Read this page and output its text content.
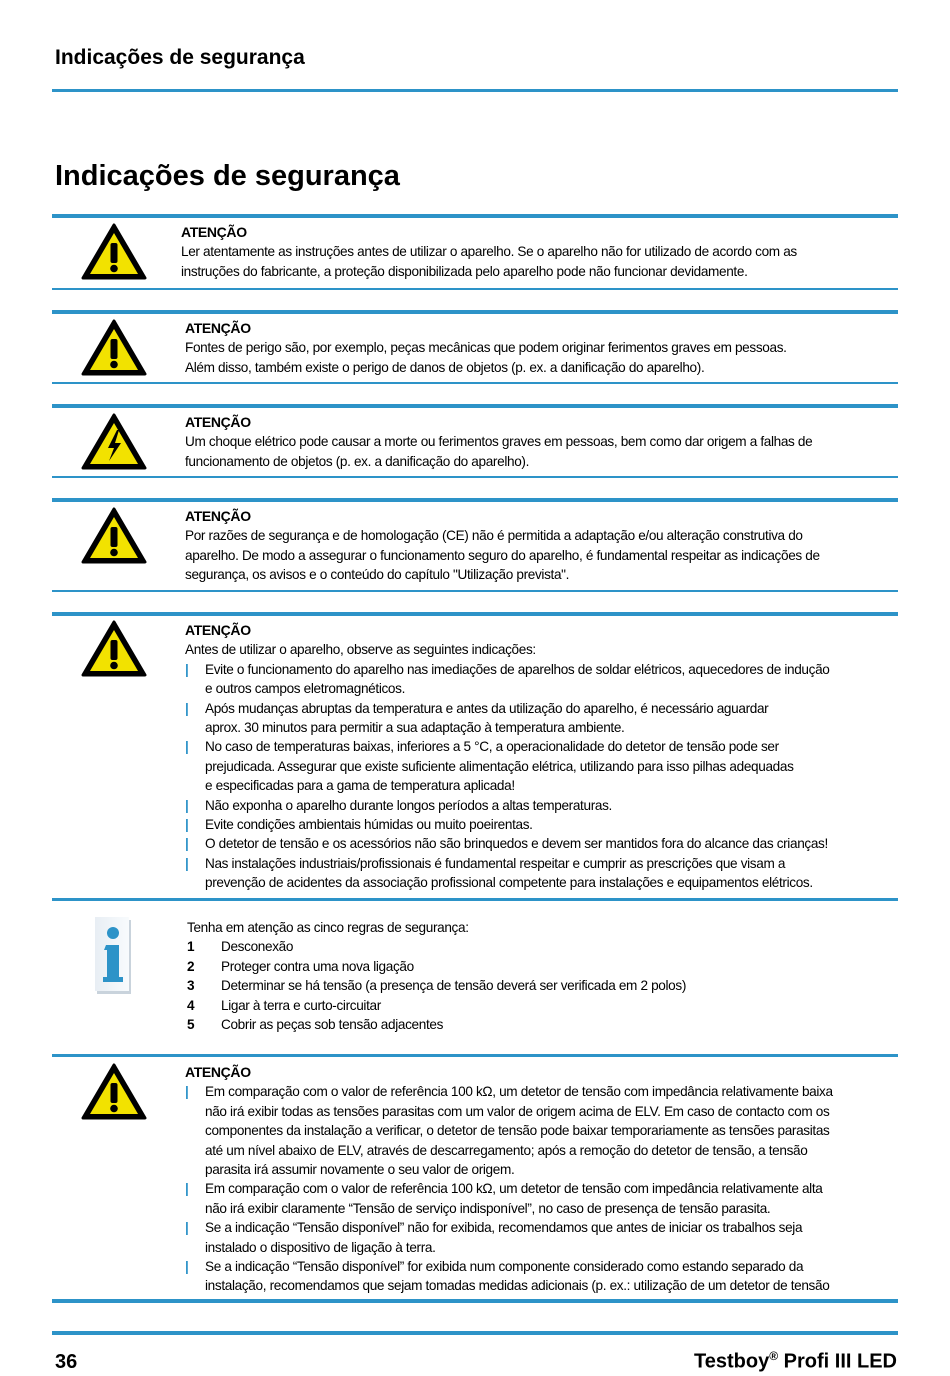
Indicações de segurança
Indicações de segurança
ATENÇÃO
Ler atentamente as instruções antes de utilizar o aparelho. Se o aparelho não for utilizado de acordo com as
instruções do fabricante, a proteção disponibilizada pelo aparelho pode não funcionar devidamente.
ATENÇÃO
Fontes de perigo são, por exemplo, peças mecânicas que podem originar ferimentos graves em pessoas.
Além disso, também existe o perigo de danos de objetos (p. ex. a danificação do aparelho).
ATENÇÃO
Um choque elétrico pode causar a morte ou ferimentos graves em pessoas, bem como dar origem a falhas de
funcionamento de objetos (p. ex. a danificação do aparelho).
ATENÇÃO
Por razões de segurança e de homologação (CE) não é permitida a adaptação e/ou alteração construtiva do
aparelho. De modo a assegurar o funcionamento seguro do aparelho, é fundamental respeitar as indicações de
segurança, os avisos e o conteúdo do capítulo "Utilização prevista".
ATENÇÃO
Antes de utilizar o aparelho, observe as seguintes indicações:
| Evite o funcionamento do aparelho nas imediações de aparelhos de soldar elétricos, aquecedores de indução
e outros campos eletromagnéticos.
| Após mudanças abruptas da temperatura e antes da utilização do aparelho, é necessário aguardar
aprox. 30 minutos para permitir a sua adaptação à temperatura ambiente.
| No caso de temperaturas baixas, inferiores a 5 °C, a operacionalidade do detetor de tensão pode ser
prejudicada. Assegurar que existe suficiente alimentação elétrica, utilizando para isso pilhas adequadas
e especificadas para a gama de temperatura aplicada!
| Não exponha o aparelho durante longos períodos a altas temperaturas.
| Evite condições ambientais húmidas ou muito poeirentas.
| O detetor de tensão e os acessórios não são brinquedos e devem ser mantidos fora do alcance das crianças!
| Nas instalações industriais/profissionais é fundamental respeitar e cumprir as prescrições que visam a
prevenção de acidentes da associação profissional competente para instalações e equipamentos elétricos.
Tenha em atenção as cinco regras de segurança:
1 Desconexão
2 Proteger contra uma nova ligação
3 Determinar se há tensão (a presença de tensão deverá ser verificada em 2 polos)
4 Ligar à terra e curto-circuitar
5 Cobrir as peças sob tensão adjacentes
ATENÇÃO
| Em comparação com o valor de referência 100 kΩ, um detetor de tensão com impedância relativamente baixa
não irá exibir todas as tensões parasitas com um valor de origem acima de ELV. Em caso de contacto com os
componentes da instalação a verificar, o detetor de tensão pode baixar temporariamente as tensões parasitas
até um nível abaixo de ELV, através de descarregamento; após a remoção do detetor de tensão, a tensão
parasita irá assumir novamente o seu valor de origem.
| Em comparação com o valor de referência 100 kΩ, um detetor de tensão com impedância relativamente alta
não irá exibir claramente “Tensão de serviço indisponível”, no caso de presença de tensão parasita.
| Se a indicação “Tensão disponível” não for exibida, recomendamos que antes de iniciar os trabalhos seja
instalado o dispositivo de ligação à terra.
| Se a indicação “Tensão disponível” for exibida num componente considerado como estando separado da
instalação, recomendamos que sejam tomadas medidas adicionais (p. ex.: utilização de um detetor de tensão
36	Testboy® Profi III LED
